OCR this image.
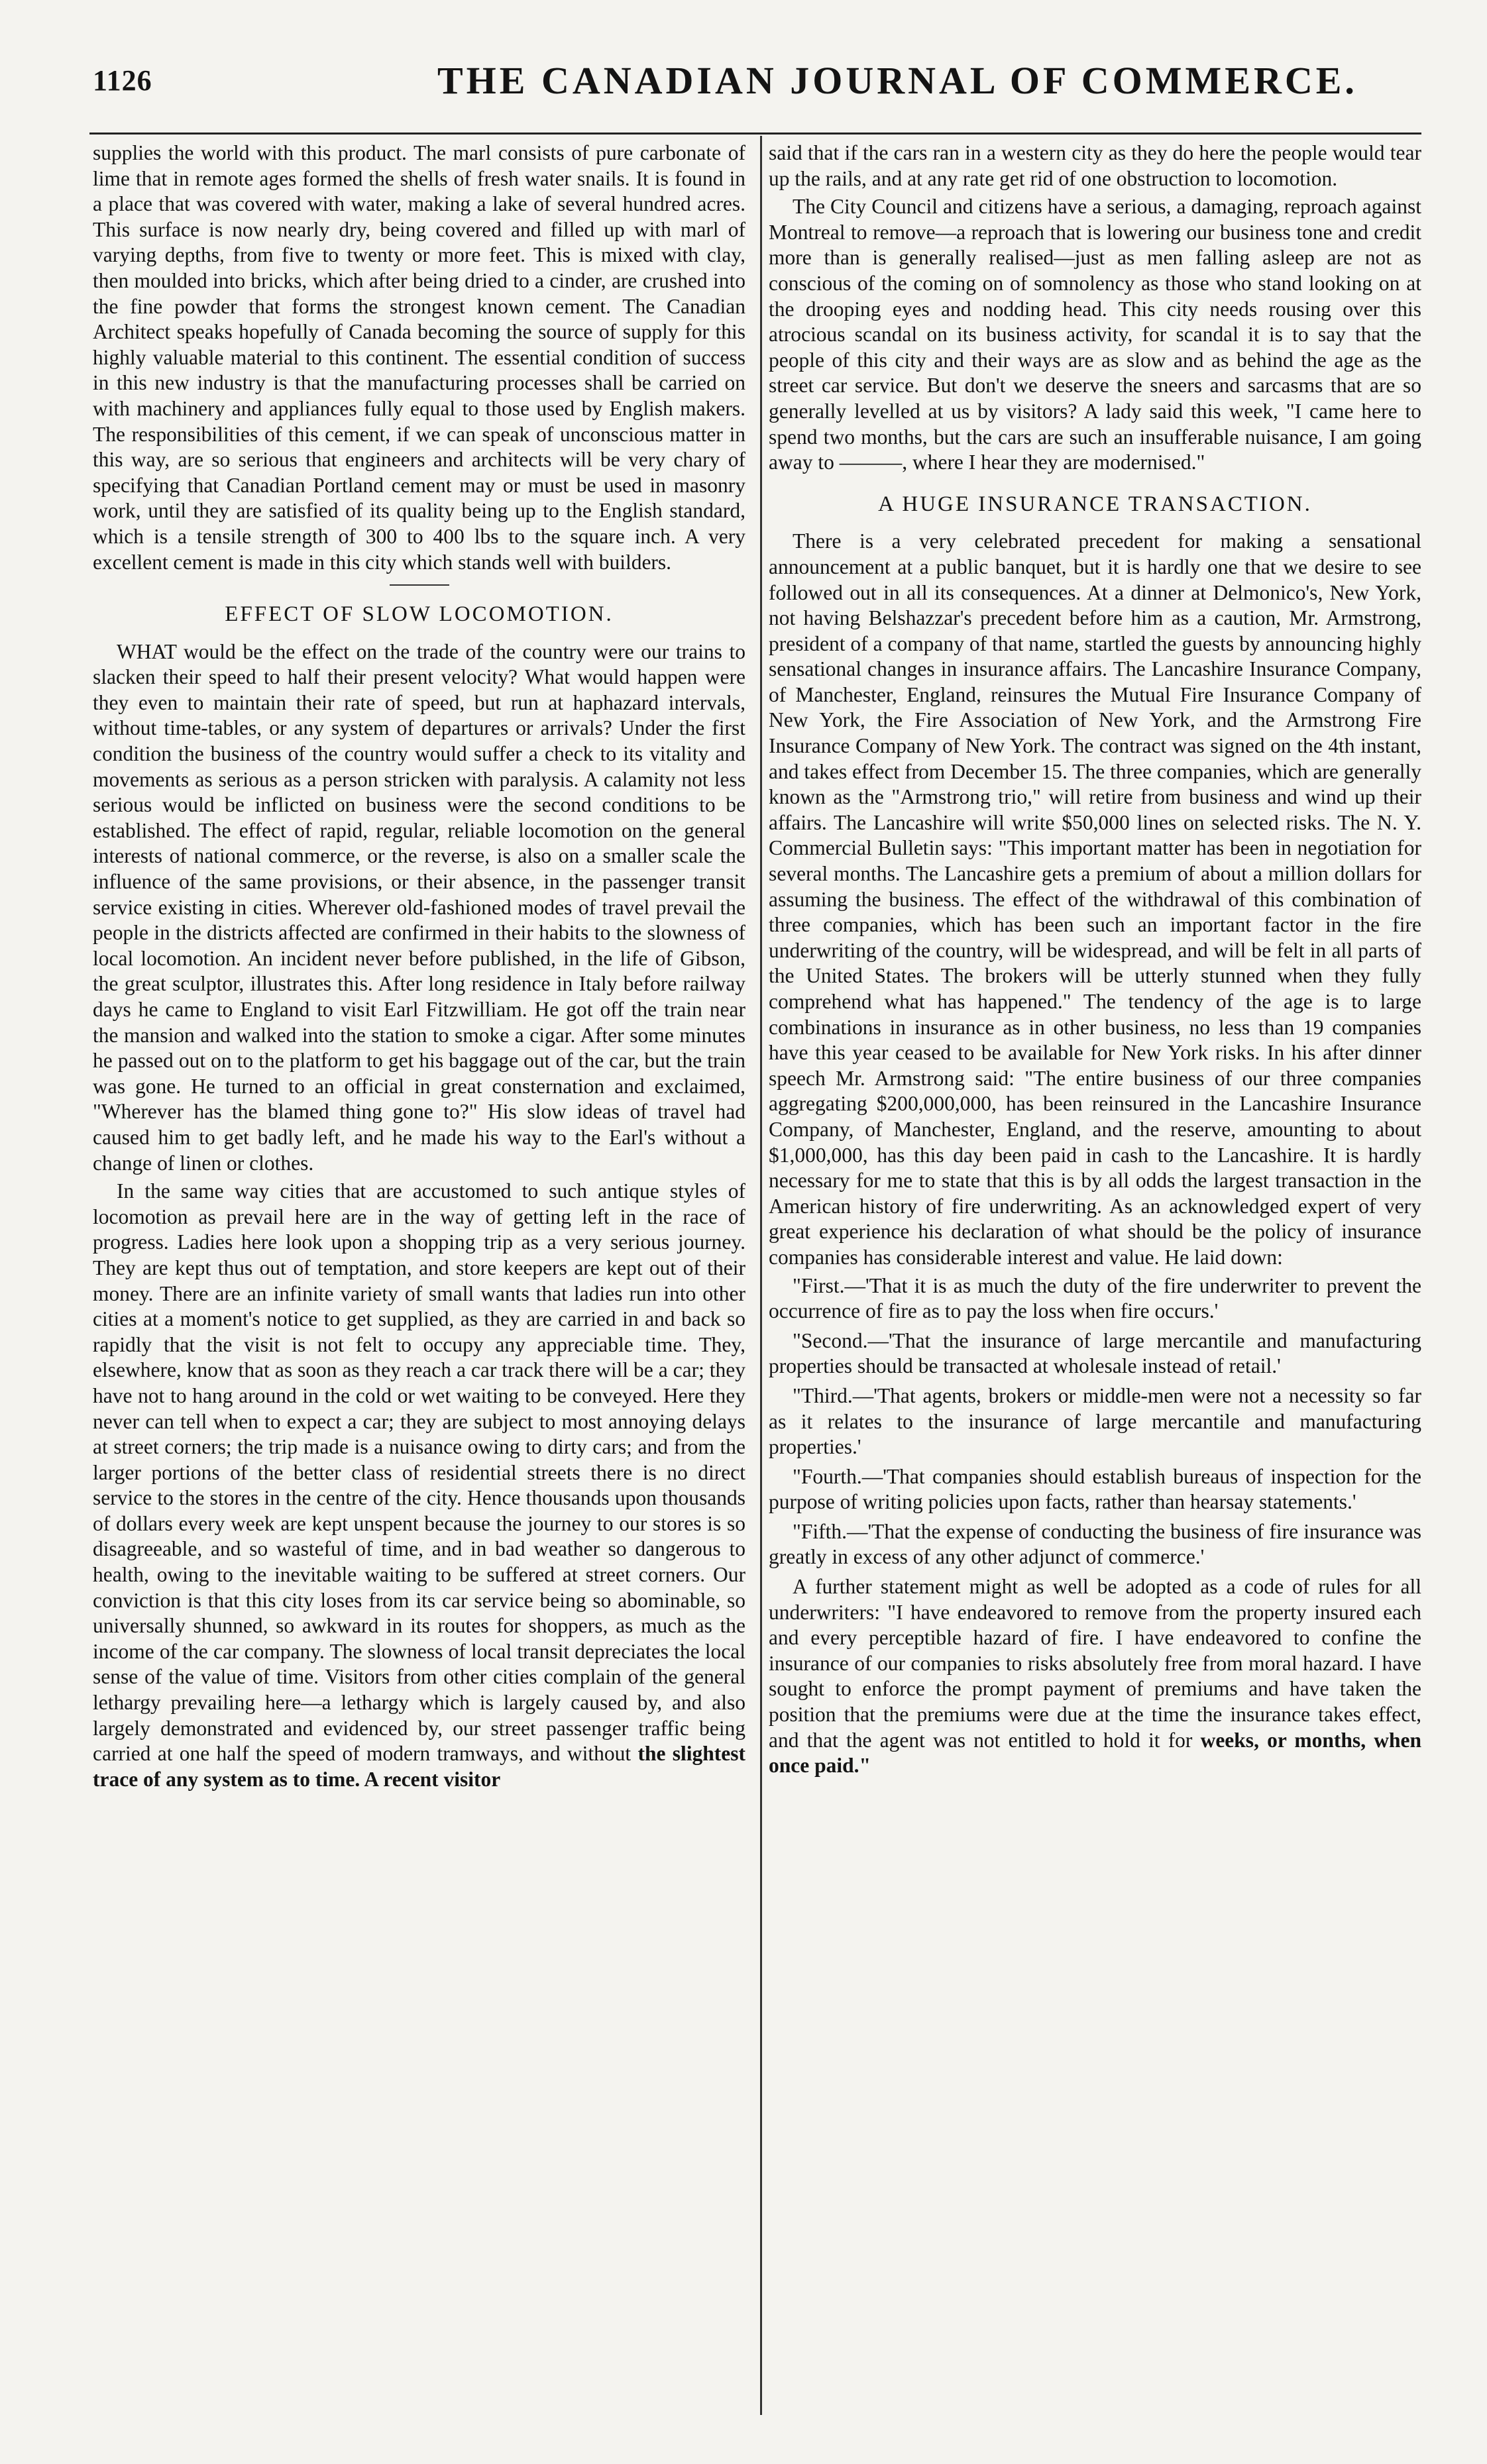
1126	THE CANADIAN JOURNAL OF COMMERCE.

supplies the world with this product. The marl consists of pure carbonate of lime that in remote ages formed the shells of fresh water snails. It is found in a place that was covered with water, making a lake of several hundred acres. This surface is now nearly dry, being covered and filled up with marl of varying depths, from five to twenty or more feet. This is mixed with clay, then moulded into bricks, which after being dried to a cinder, are crushed into the fine powder that forms the strongest known cement. The Canadian Architect speaks hopefully of Canada becoming the source of supply for this highly valuable material to this continent. The essential condition of success in this new industry is that the manufacturing processes shall be carried on with machinery and appliances fully equal to those used by English makers. The responsibilities of this cement, if we can speak of unconscious matter in this way, are so serious that engineers and architects will be very chary of specifying that Canadian Portland cement may or must be used in masonry work, until they are satisfied of its quality being up to the English standard, which is a tensile strength of 300 to 400 lbs to the square inch. A very excellent cement is made in this city which stands well with builders.

EFFECT OF SLOW LOCOMOTION.

WHAT would be the effect on the trade of the country were our trains to slacken their speed to half their present velocity? What would happen were they even to maintain their rate of speed, but run at haphazard intervals, without time-tables, or any system of departures or arrivals? Under the first condition the business of the country would suffer a check to its vitality and movements as serious as a person stricken with paralysis. A calamity not less serious would be inflicted on business were the second conditions to be established. The effect of rapid, regular, reliable locomotion on the general interests of national commerce, or the reverse, is also on a smaller scale the influence of the same provisions, or their absence, in the passenger transit service existing in cities. Wherever old-fashioned modes of travel prevail the people in the districts affected are confirmed in their habits to the slowness of local locomotion. An incident never before published, in the life of Gibson, the great sculptor, illustrates this. After long residence in Italy before railway days he came to England to visit Earl Fitzwilliam. He got off the train near the mansion and walked into the station to smoke a cigar. After some minutes he passed out on to the platform to get his baggage out of the car, but the train was gone. He turned to an official in great consternation and exclaimed, "Wherever has the blamed thing gone to?" His slow ideas of travel had caused him to get badly left, and he made his way to the Earl's without a change of linen or clothes.

In the same way cities that are accustomed to such antique styles of locomotion as prevail here are in the way of getting left in the race of progress. Ladies here look upon a shopping trip as a very serious journey. They are kept thus out of temptation, and store keepers are kept out of their money. There are an infinite variety of small wants that ladies run into other cities at a moment's notice to get supplied, as they are carried in and back so rapidly that the visit is not felt to occupy any appreciable time. They, elsewhere, know that as soon as they reach a car track there will be a car; they have not to hang around in the cold or wet waiting to be conveyed. Here they never can tell when to expect a car; they are subject to most annoying delays at street corners; the trip made is a nuisance owing to dirty cars; and from the larger portions of the better class of residential streets there is no direct service to the stores in the centre of the city. Hence thousands upon thousands of dollars every week are kept unspent because the journey to our stores is so disagreeable, and so wasteful of time, and in bad weather so dangerous to health, owing to the inevitable waiting to be suffered at street corners. Our conviction is that this city loses from its car service being so abominable, so universally shunned, so awkward in its routes for shoppers, as much as the income of the car company. The slowness of local transit depreciates the local sense of the value of time. Visitors from other cities complain of the general lethargy prevailing here—a lethargy which is largely caused by, and also largely demonstrated and evidenced by, our street passenger traffic being carried at one half the speed of modern tramways, and without the slightest trace of any system as to time. A recent visitor

said that if the cars ran in a western city as they do here the people would tear up the rails, and at any rate get rid of one obstruction to locomotion.

The City Council and citizens have a serious, a damaging, reproach against Montreal to remove—a reproach that is lowering our business tone and credit more than is generally realised—just as men falling asleep are not as conscious of the coming on of somnolency as those who stand looking on at the drooping eyes and nodding head. This city needs rousing over this atrocious scandal on its business activity, for scandal it is to say that the people of this city and their ways are as slow and as behind the age as the street car service. But don't we deserve the sneers and sarcasms that are so generally levelled at us by visitors? A lady said this week, "I came here to spend two months, but the cars are such an insufferable nuisance, I am going away to ———, where I hear they are modernised."

A HUGE INSURANCE TRANSACTION.

There is a very celebrated precedent for making a sensational announcement at a public banquet, but it is hardly one that we desire to see followed out in all its consequences. At a dinner at Delmonico's, New York, not having Belshazzar's precedent before him as a caution, Mr. Armstrong, president of a company of that name, startled the guests by announcing highly sensational changes in insurance affairs. The Lancashire Insurance Company, of Manchester, England, reinsures the Mutual Fire Insurance Company of New York, the Fire Association of New York, and the Armstrong Fire Insurance Company of New York. The contract was signed on the 4th instant, and takes effect from December 15. The three companies, which are generally known as the "Armstrong trio," will retire from business and wind up their affairs. The Lancashire will write $50,000 lines on selected risks. The N. Y. Commercial Bulletin says: "This important matter has been in negotiation for several months. The Lancashire gets a premium of about a million dollars for assuming the business. The effect of the withdrawal of this combination of three companies, which has been such an important factor in the fire underwriting of the country, will be widespread, and will be felt in all parts of the United States. The brokers will be utterly stunned when they fully comprehend what has happened." The tendency of the age is to large combinations in insurance as in other business, no less than 19 companies have this year ceased to be available for New York risks. In his after dinner speech Mr. Armstrong said: "The entire business of our three companies aggregating $200,000,000, has been reinsured in the Lancashire Insurance Company, of Manchester, England, and the reserve, amounting to about $1,000,000, has this day been paid in cash to the Lancashire. It is hardly necessary for me to state that this is by all odds the largest transaction in the American history of fire underwriting. As an acknowledged expert of very great experience his declaration of what should be the policy of insurance companies has considerable interest and value. He laid down:

"First.—'That it is as much the duty of the fire underwriter to prevent the occurrence of fire as to pay the loss when fire occurs.'

"Second.—'That the insurance of large mercantile and manufacturing properties should be transacted at wholesale instead of retail.'

"Third.—'That agents, brokers or middle-men were not a necessity so far as it relates to the insurance of large mercantile and manufacturing properties.'

"Fourth.—'That companies should establish bureaus of inspection for the purpose of writing policies upon facts, rather than hearsay statements.'

"Fifth.—'That the expense of conducting the business of fire insurance was greatly in excess of any other adjunct of commerce.'

A further statement might as well be adopted as a code of rules for all underwriters: "I have endeavored to remove from the property insured each and every perceptible hazard of fire. I have endeavored to confine the insurance of our companies to risks absolutely free from moral hazard. I have sought to enforce the prompt payment of premiums and have taken the position that the premiums were due at the time the insurance takes effect, and that the agent was not entitled to hold it for weeks, or months, when once paid."
